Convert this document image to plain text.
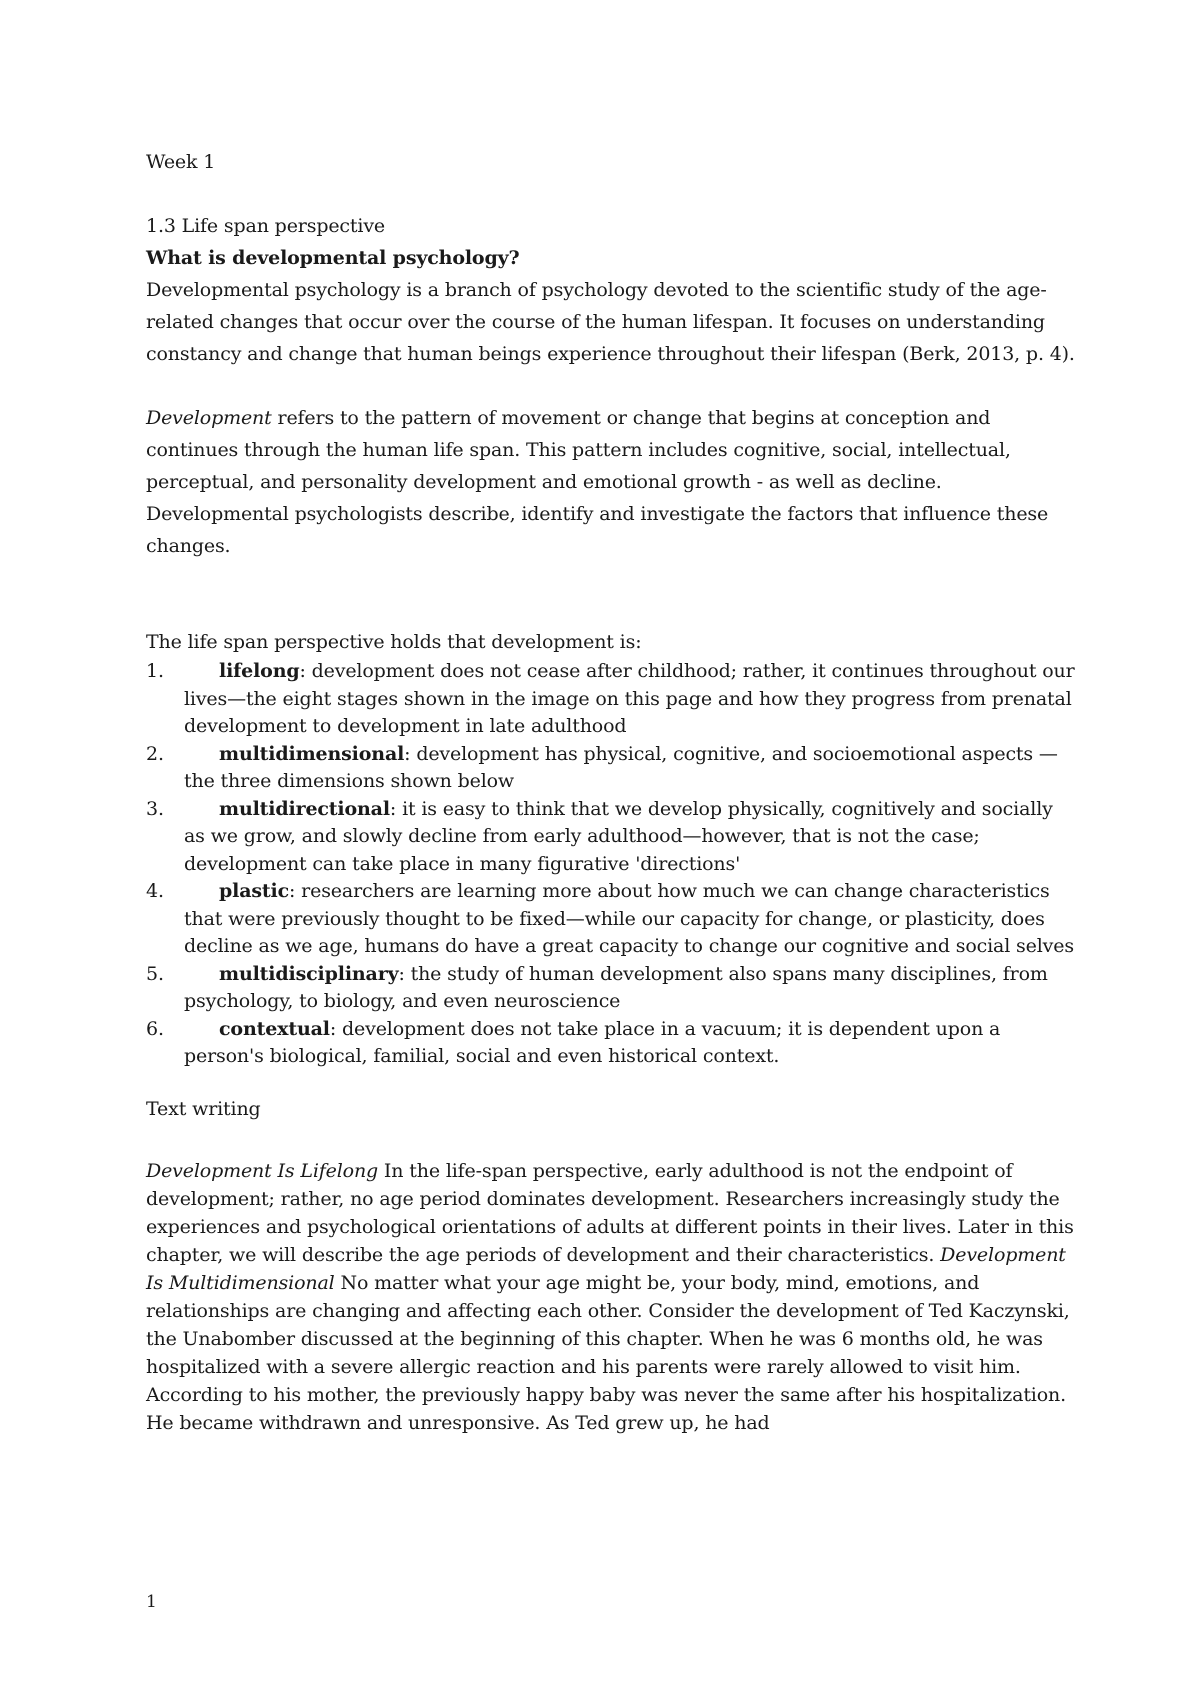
Week 1

1.3 Life span perspective

What is developmental psychology?

Developmental psychology is a branch of psychology devoted to the scientific study of the age-related changes that occur over the course of the human lifespan. It focuses on understanding constancy and change that human beings experience throughout their lifespan (Berk, 2013, p. 4).

Development refers to the pattern of movement or change that begins at conception and continues through the human life span. This pattern includes cognitive, social, intellectual, perceptual, and personality development and emotional growth - as well as decline. Developmental psychologists describe, identify and investigate the factors that influence these changes.

The life span perspective holds that development is:

1.	lifelong: development does not cease after childhood; rather, it continues throughout our lives—the eight stages shown in the image on this page and how they progress from prenatal development to development in late adulthood
2.	multidimensional: development has physical, cognitive, and socioemotional aspects —the three dimensions shown below
3.	multidirectional: it is easy to think that we develop physically, cognitively and socially as we grow, and slowly decline from early adulthood—however, that is not the case; development can take place in many figurative 'directions'
4.	plastic: researchers are learning more about how much we can change characteristics that were previously thought to be fixed—while our capacity for change, or plasticity, does decline as we age, humans do have a great capacity to change our cognitive and social selves
5.	multidisciplinary: the study of human development also spans many disciplines, from psychology, to biology, and even neuroscience
6.	contextual: development does not take place in a vacuum; it is dependent upon a person's biological, familial, social and even historical context.

Text writing

Development Is Lifelong In the life-span perspective, early adulthood is not the endpoint of development; rather, no age period dominates development. Researchers increasingly study the experiences and psychological orientations of adults at different points in their lives. Later in this chapter, we will describe the age periods of development and their characteristics. Development Is Multidimensional No matter what your age might be, your body, mind, emotions, and relationships are changing and affecting each other. Consider the development of Ted Kaczynski, the Unabomber discussed at the beginning of this chapter. When he was 6 months old, he was hospitalized with a severe allergic reaction and his parents were rarely allowed to visit him. According to his mother, the previously happy baby was never the same after his hospitalization. He became withdrawn and unresponsive. As Ted grew up, he had

1
